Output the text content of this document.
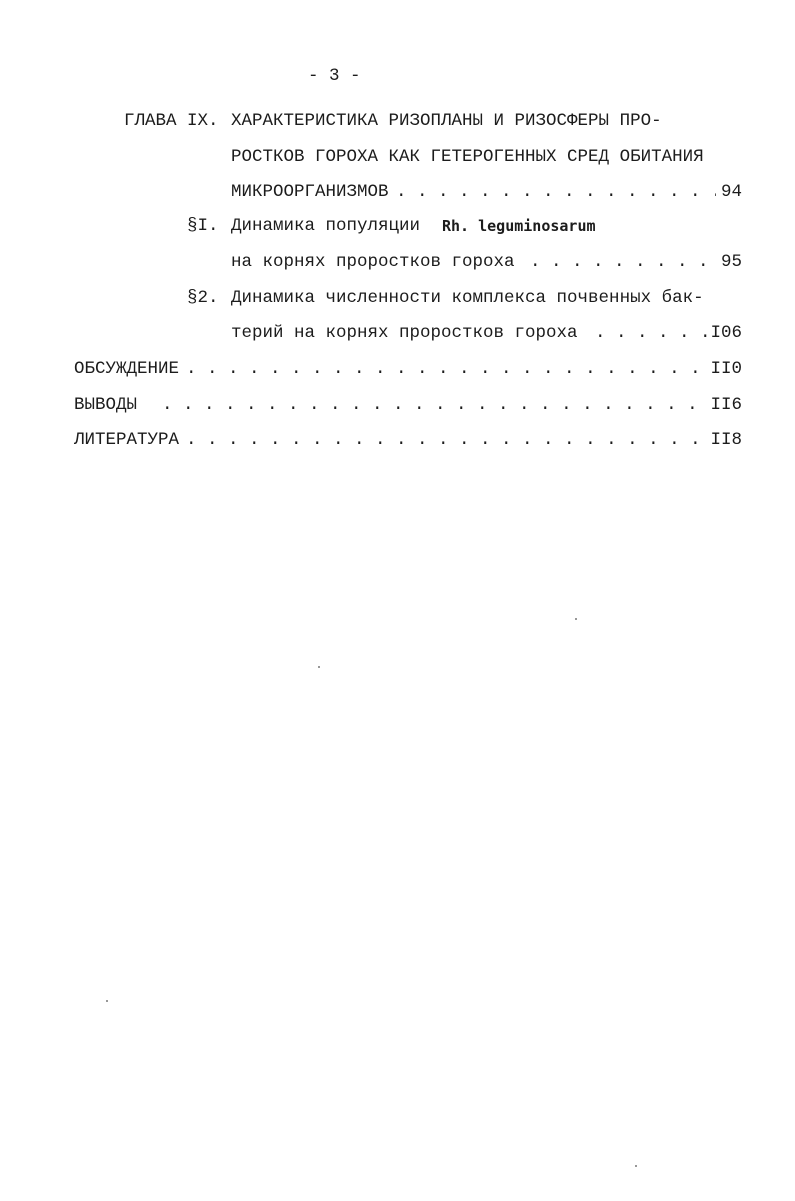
- 3 -
ГЛАВА IX. ХАРАКТЕРИСТИКА РИЗОПЛАНЫ И РИЗОСФЕРЫ ПРО-
РОСТКОВ ГОРОХА КАК ГЕТЕРОГЕННЫХ СРЕД ОБИТАНИЯ
МИКРООРГАНИЗМОВ . . .	94
§I. Динамика популяции Rh. leguminosarum
на корнях проростков гороха . . .	95
§2. Динамика численности комплекса почвенных бак-
терий на корнях проростков гороха . . .	I06
ОБСУЖДЕНИЕ . . .	II0
ВЫВОДЫ . . .	II6
ЛИТЕРАТУРА . . .	II8
